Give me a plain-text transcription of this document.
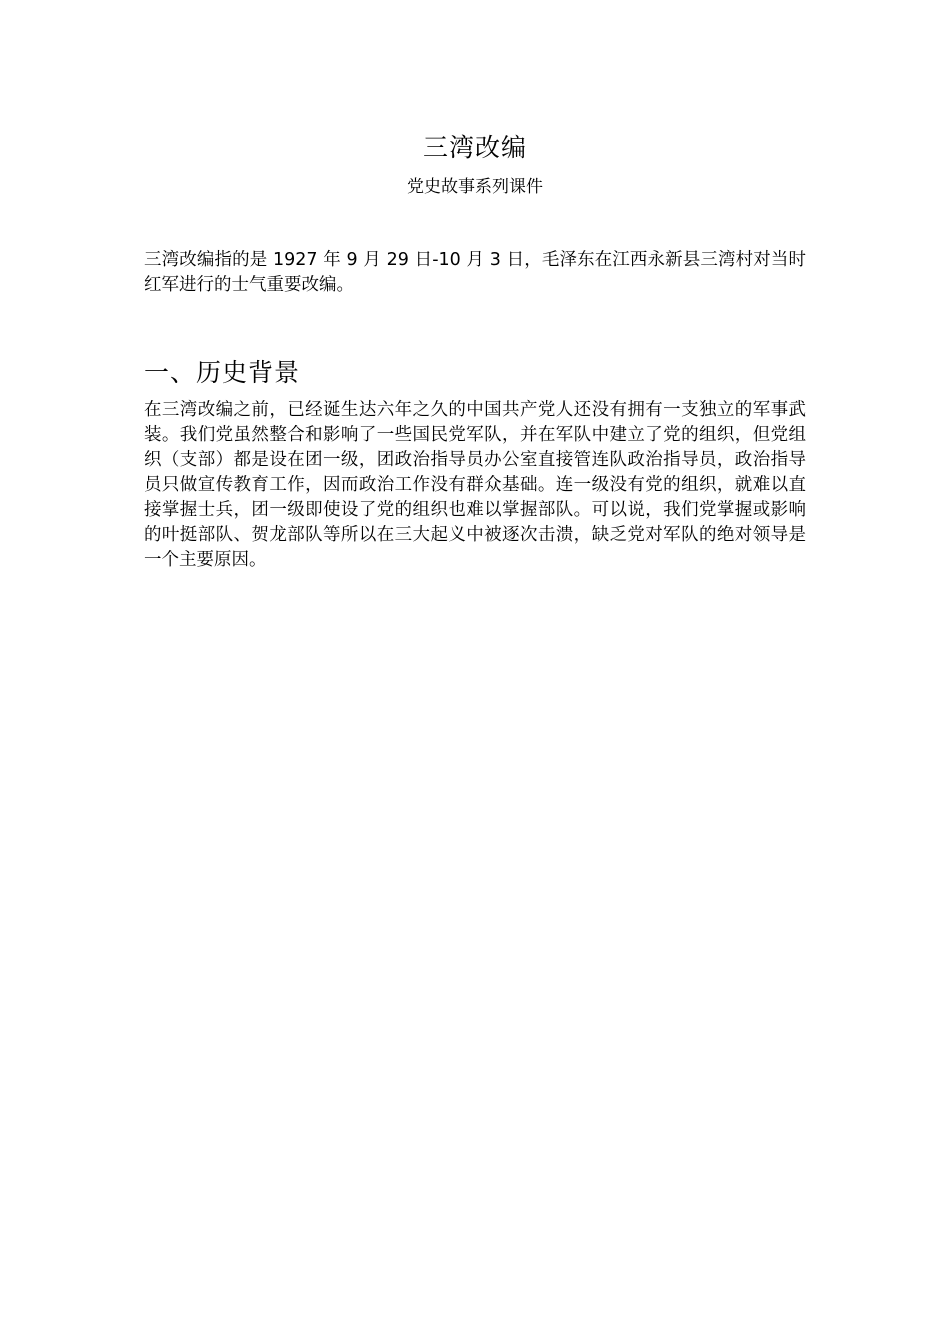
三湾改编
党史故事系列课件
三湾改编指的是 1927 年 9 月 29 日-10 月 3 日，毛泽东在江西永新县三湾村对当时红军进行的士气重要改编。
一、历史背景
在三湾改编之前，已经诞生达六年之久的中国共产党人还没有拥有一支独立的军事武装。我们党虽然整合和影响了一些国民党军队，并在军队中建立了党的组织，但党组织（支部）都是设在团一级，团政治指导员办公室直接管连队政治指导员，政治指导员只做宣传教育工作，因而政治工作没有群众基础。连一级没有党的组织，就难以直接掌握士兵，团一级即使设了党的组织也难以掌握部队。可以说，我们党掌握或影响的叶挺部队、贺龙部队等所以在三大起义中被逐次击溃，缺乏党对军队的绝对领导是一个主要原因。
